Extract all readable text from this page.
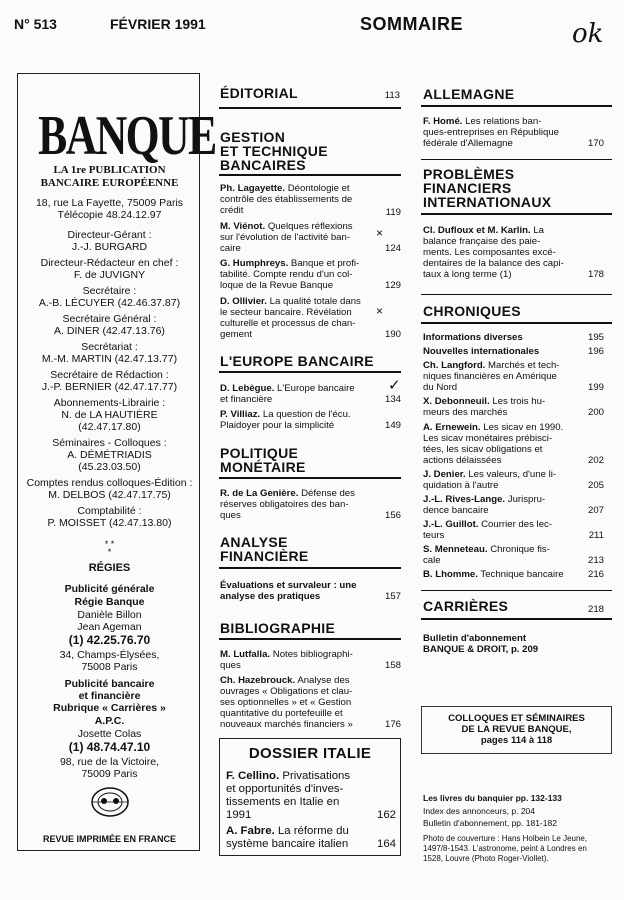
N° 513	FÉVRIER 1991	SOMMAIRE	ok
BANQUE
LA 1re PUBLICATION
BANCAIRE EUROPÉENNE
18, rue La Fayette, 75009 Paris
Télécopie 48.24.12.97
Directeur-Gérant :
J.-J. BURGARD
Directeur-Rédacteur en chef :
F. de JUVIGNY
Secrétaire :
A.-B. LÉCUYER (42.46.37.87)
Secrétaire Général :
A. DINER (42.47.13.76)
Secrétariat :
M.-M. MARTIN (42.47.13.77)
Secrétaire de Rédaction :
J.-P. BERNIER (42.47.17.77)
Abonnements-Librairie :
N. de LA HAUTIÈRE
(42.47.17.80)
Séminaires - Colloques :
A. DÉMÉTRIADIS
(45.23.03.50)
Comptes rendus colloques-Édition :
M. DELBOS (42.47.17.75)
Comptabilité :
P. MOISSET (42.47.13.80)
* *
*
RÉGIES
Publicité générale
Régie Banque
Danièle Billon
Jean Ageman
(1) 42.25.76.70
34, Champs-Élysées,
75008 Paris
Publicité bancaire
et financière
Rubrique « Carrières »
A.P.C.
Josette Colas
(1) 48.74.47.10
98, rue de la Victoire,
75009 Paris
REVUE IMPRIMÉE EN FRANCE
ÉDITORIAL	113
GESTION
ET TECHNIQUE
BANCAIRES
Ph. Lagayette. Déontologie et
contrôle des établissements de
crédit	119
M. Viénot. Quelques réflexions
sur l'évolution de l'activité ban-
caire	124
×
G. Humphreys. Banque et profi-
tabilité. Compte rendu d'un col-
loque de la Revue Banque	129
D. Ollivier. La qualité totale dans
le secteur bancaire. Révélation
culturelle et processus de chan-
gement	190
×
L'EUROPE BANCAIRE
D. Lebègue. L'Europe bancaire
et financière	134
✓
P. Villiaz. La question de l'écu.
Plaidoyer pour la simplicité	149
POLITIQUE
MONÉTAIRE
R. de La Genière. Défense des
réserves obligatoires des ban-
ques	156
ANALYSE
FINANCIÈRE
Évaluations et survaleur : une
analyse des pratiques	157
BIBLIOGRAPHIE
M. Lutfalla. Notes bibliographi-
ques	158
Ch. Hazebrouck. Analyse des
ouvrages « Obligations et clau-
ses optionnelles » et « Gestion
quantitative du portefeuille et
nouveaux marchés financiers »	176
DOSSIER ITALIE
F. Cellino. Privatisations
et opportunités d'inves-
tissements en Italie en
1991	162
A. Fabre. La réforme du
système bancaire italien	164
ALLEMAGNE
F. Homé. Les relations ban-
ques-entreprises en République
fédérale d'Allemagne	170
PROBLÈMES
FINANCIERS
INTERNATIONAUX
Cl. Dufloux et M. Karlin. La
balance française des paie-
ments. Les composantes excé-
dentaires de la balance des capi-
taux à long terme (1)	178
CHRONIQUES
Informations diverses	195
Nouvelles internationales	196
Ch. Langford. Marchés et tech-
niques financières en Amérique
du Nord	199
X. Debonneuil. Les trois hu-
meurs des marchés	200
A. Ernewein. Les sicav en 1990.
Les sicav monétaires prébisci-
tées, les sicav obligations et
actions délaissées	202
J. Denier. Les valeurs, d'une li-
quidation à l'autre	205
J.-L. Rives-Lange. Jurispru-
dence bancaire	207
J.-L. Guillot. Courrier des lec-
teurs	211
S. Menneteau. Chronique fis-
cale	213
B. Lhomme. Technique bancaire	216
CARRIÈRES	218
Bulletin d'abonnement
BANQUE & DROIT, p. 209
COLLOQUES ET SÉMINAIRES
DE LA REVUE BANQUE,
pages 114 à 118
Les livres du banquier pp. 132-133
Index des annonceurs, p. 204
Bulletin d'abonnement, pp. 181-182
Photo de couverture : Hans Holbein Le Jeune,
1497/8-1543. L'astronome, peint à Londres en
1528, Louvre (Photo Roger-Viollet).
